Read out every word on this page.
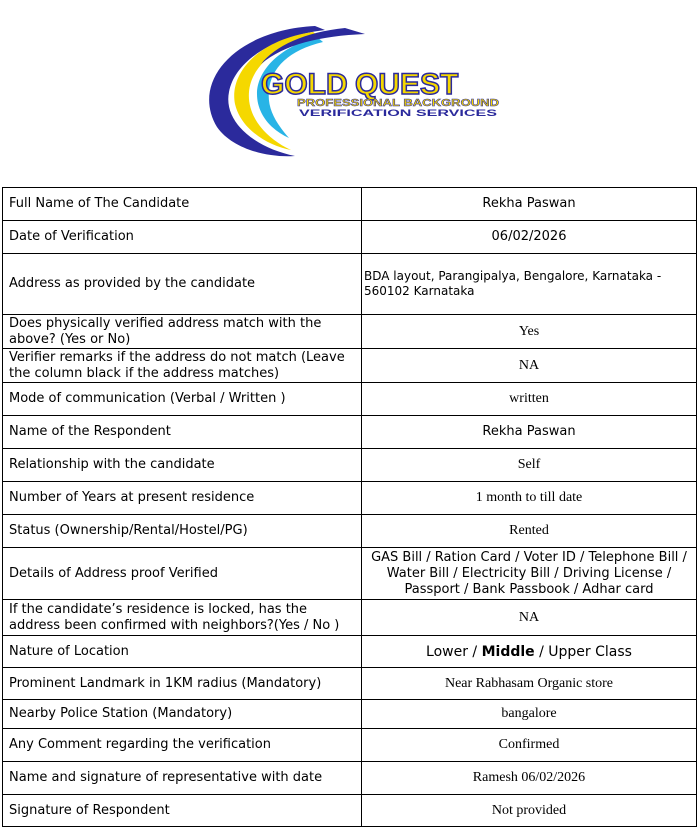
GOLD QUEST
PROFESSIONAL BACKGROUND
VERIFICATION SERVICES
Full Name of The Candidate	Rekha Paswan
Date of Verification	06/02/2026
Address as provided by the candidate	BDA layout, Parangipalya, Bengalore, Karnataka - 560102 Karnataka
Does physically verified address match with the above? (Yes or No)	Yes
Verifier remarks if the address do not match (Leave the column black if the address matches)	NA
Mode of communication (Verbal / Written )	written
Name of the Respondent	Rekha Paswan
Relationship with the candidate	Self
Number of Years at present residence	1 month to till date
Status (Ownership/Rental/Hostel/PG)	Rented
Details of Address proof Verified	GAS Bill / Ration Card / Voter ID / Telephone Bill / Water Bill / Electricity Bill / Driving License / Passport / Bank Passbook / Adhar card
If the candidate’s residence is locked, has the address been confirmed with neighbors?(Yes / No )	NA
Nature of Location	Lower / Middle / Upper Class
Prominent Landmark in 1KM radius (Mandatory)	Near Rabhasam Organic store
Nearby Police Station (Mandatory)	bangalore
Any Comment regarding the verification	Confirmed
Name and signature of representative with date	Ramesh 06/02/2026
Signature of Respondent	Not provided
